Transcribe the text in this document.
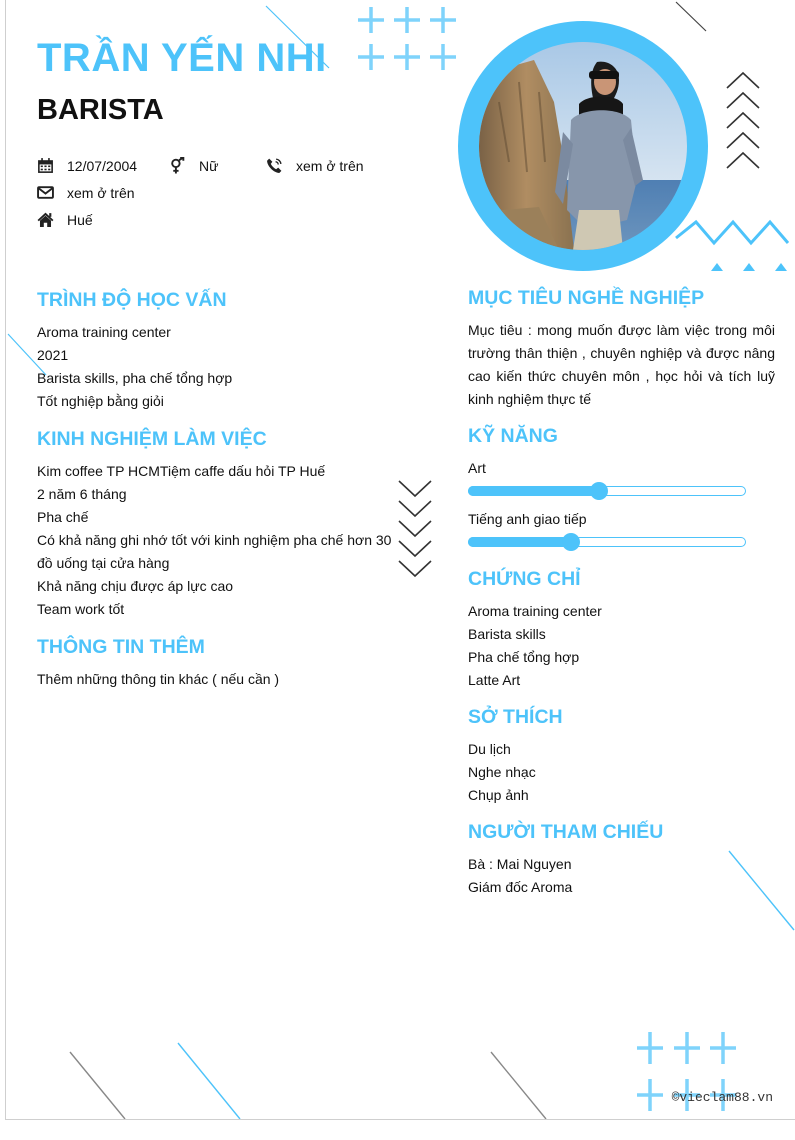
TRẦN YẾN NHI
BARISTA
12/07/2004	Nữ	xem ở trên
xem ở trên
Huế
TRÌNH ĐỘ HỌC VẤN
Aroma training center
2021
Barista skills, pha chế tổng hợp
Tốt nghiệp bằng giỏi
KINH NGHIỆM LÀM VIỆC
Kim coffee TP HCMTiệm caffe dấu hỏi TP Huế
2 năm 6 tháng
Pha chế
Có khả năng ghi nhớ tốt với kinh nghiệm pha chế hơn 30
đồ uống tại cửa hàng
Khả năng chịu được áp lực cao
Team work tốt
THÔNG TIN THÊM
Thêm những thông tin khác ( nếu cần )
MỤC TIÊU NGHỀ NGHIỆP
Mục tiêu : mong muốn được làm việc trong môi trường thân thiện , chuyên nghiệp và được nâng cao kiến thức chuyên môn , học hỏi và tích luỹ kinh nghiệm thực tế
KỸ NĂNG
Art
Tiếng anh giao tiếp
CHỨNG CHỈ
Aroma training center
Barista skills
Pha chế tổng hợp
Latte Art
SỞ THÍCH
Du lịch
Nghe nhạc
Chụp ảnh
NGƯỜI THAM CHIẾU
Bà : Mai Nguyen
Giám đốc Aroma
©vieclam88.vn
